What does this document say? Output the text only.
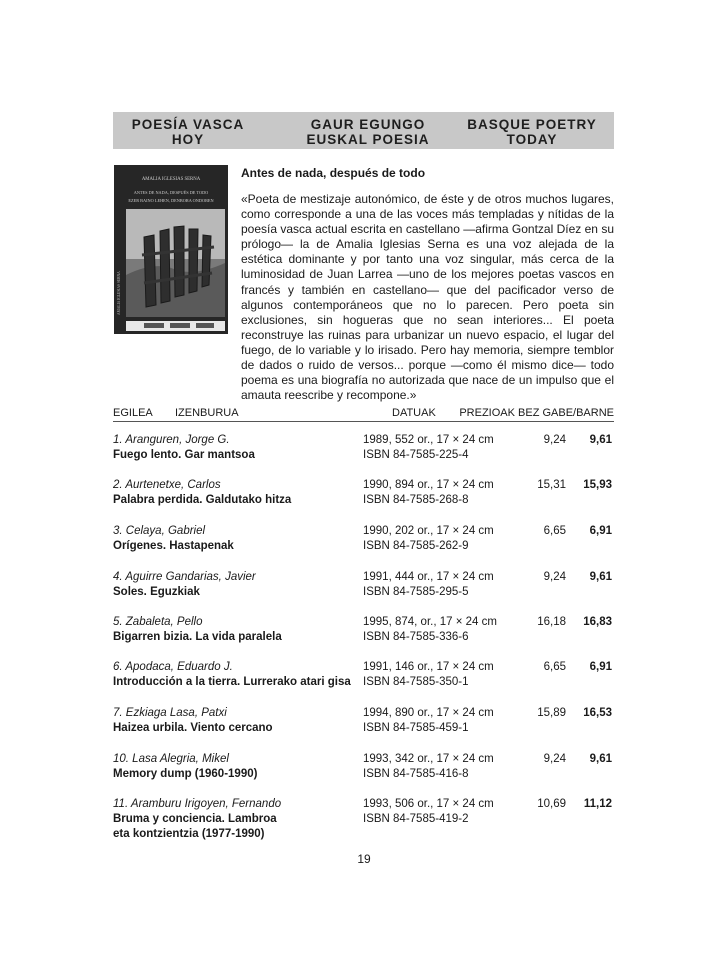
POESÍA VASCA
HOY
GAUR EGUNGO
EUSKAL POESIA
BASQUE POETRY
TODAY
AMALIA IGLESIAS SERNA
ANTES DE NADA, DESPUÉS DE TODO
EZER BAINO LEHEN, DENBORA ONDOREN
AMALIA IGLESIAS SERNA
Antes de nada, después de todo

«Poeta de mestizaje autonómico, de éste y de otros muchos lugares, como corresponde a una de las voces más templadas y nítidas de la poesía vasca actual escrita en castellano —afirma Gontzal Díez en su prólogo— la de Amalia Iglesias Serna es una voz alejada de la estética dominante y por tanto una voz singular, más cerca de la luminosidad de Juan Larrea —uno de los mejores poetas vascos en francés y también en castellano— que del pacificador verso de algunos contemporáneos que no lo parecen. Pero poeta sin exclusiones, sin hogueras que no sean interiores... El poeta reconstruye las ruinas para urbanizar un nuevo espacio, el lugar del fuego, de lo variable y lo irisado. Pero hay memoria, siempre temblor de dados o ruido de versos... porque —como él mismo dice— todo poema es una biografía no autorizada que nace de un impulso que el amauta reescribe y recompone.»

EGILEA IZENBURUA	DATUAK PREZIOAK BEZ GABE/BARNE
1. Aranguren, Jorge G.
Fuego lento. Gar mantsoa
1989, 552 or., 17 × 24 cm
ISBN 84-7585-225-4
9,24	9,61
2. Aurtenetxe, Carlos
Palabra perdida. Galdutako hitza
1990, 894 or., 17 × 24 cm
ISBN 84-7585-268-8
15,31	15,93
3. Celaya, Gabriel
Orígenes. Hastapenak
1990, 202 or., 17 × 24 cm
ISBN 84-7585-262-9
6,65	6,91
4. Aguirre Gandarias, Javier
Soles. Eguzkiak
1991, 444 or., 17 × 24 cm
ISBN 84-7585-295-5
9,24	9,61
5. Zabaleta, Pello
Bigarren bizia. La vida paralela
1995, 874, or., 17 × 24 cm
ISBN 84-7585-336-6
16,18	16,83
6. Apodaca, Eduardo J.
Introducción a la tierra. Lurrerako atari gisa
1991, 146 or., 17 × 24 cm
ISBN 84-7585-350-1
6,65	6,91
7. Ezkiaga Lasa, Patxi
Haizea urbila. Viento cercano
1994, 890 or., 17 × 24 cm
ISBN 84-7585-459-1
15,89	16,53
10. Lasa Alegria, Mikel
Memory dump (1960-1990)
1993, 342 or., 17 × 24 cm
ISBN 84-7585-416-8
9,24	9,61
11. Aramburu Irigoyen, Fernando
Bruma y conciencia. Lambroa
eta kontzientzia (1977-1990)
1993, 506 or., 17 × 24 cm
ISBN 84-7585-419-2
10,69	11,12
19
